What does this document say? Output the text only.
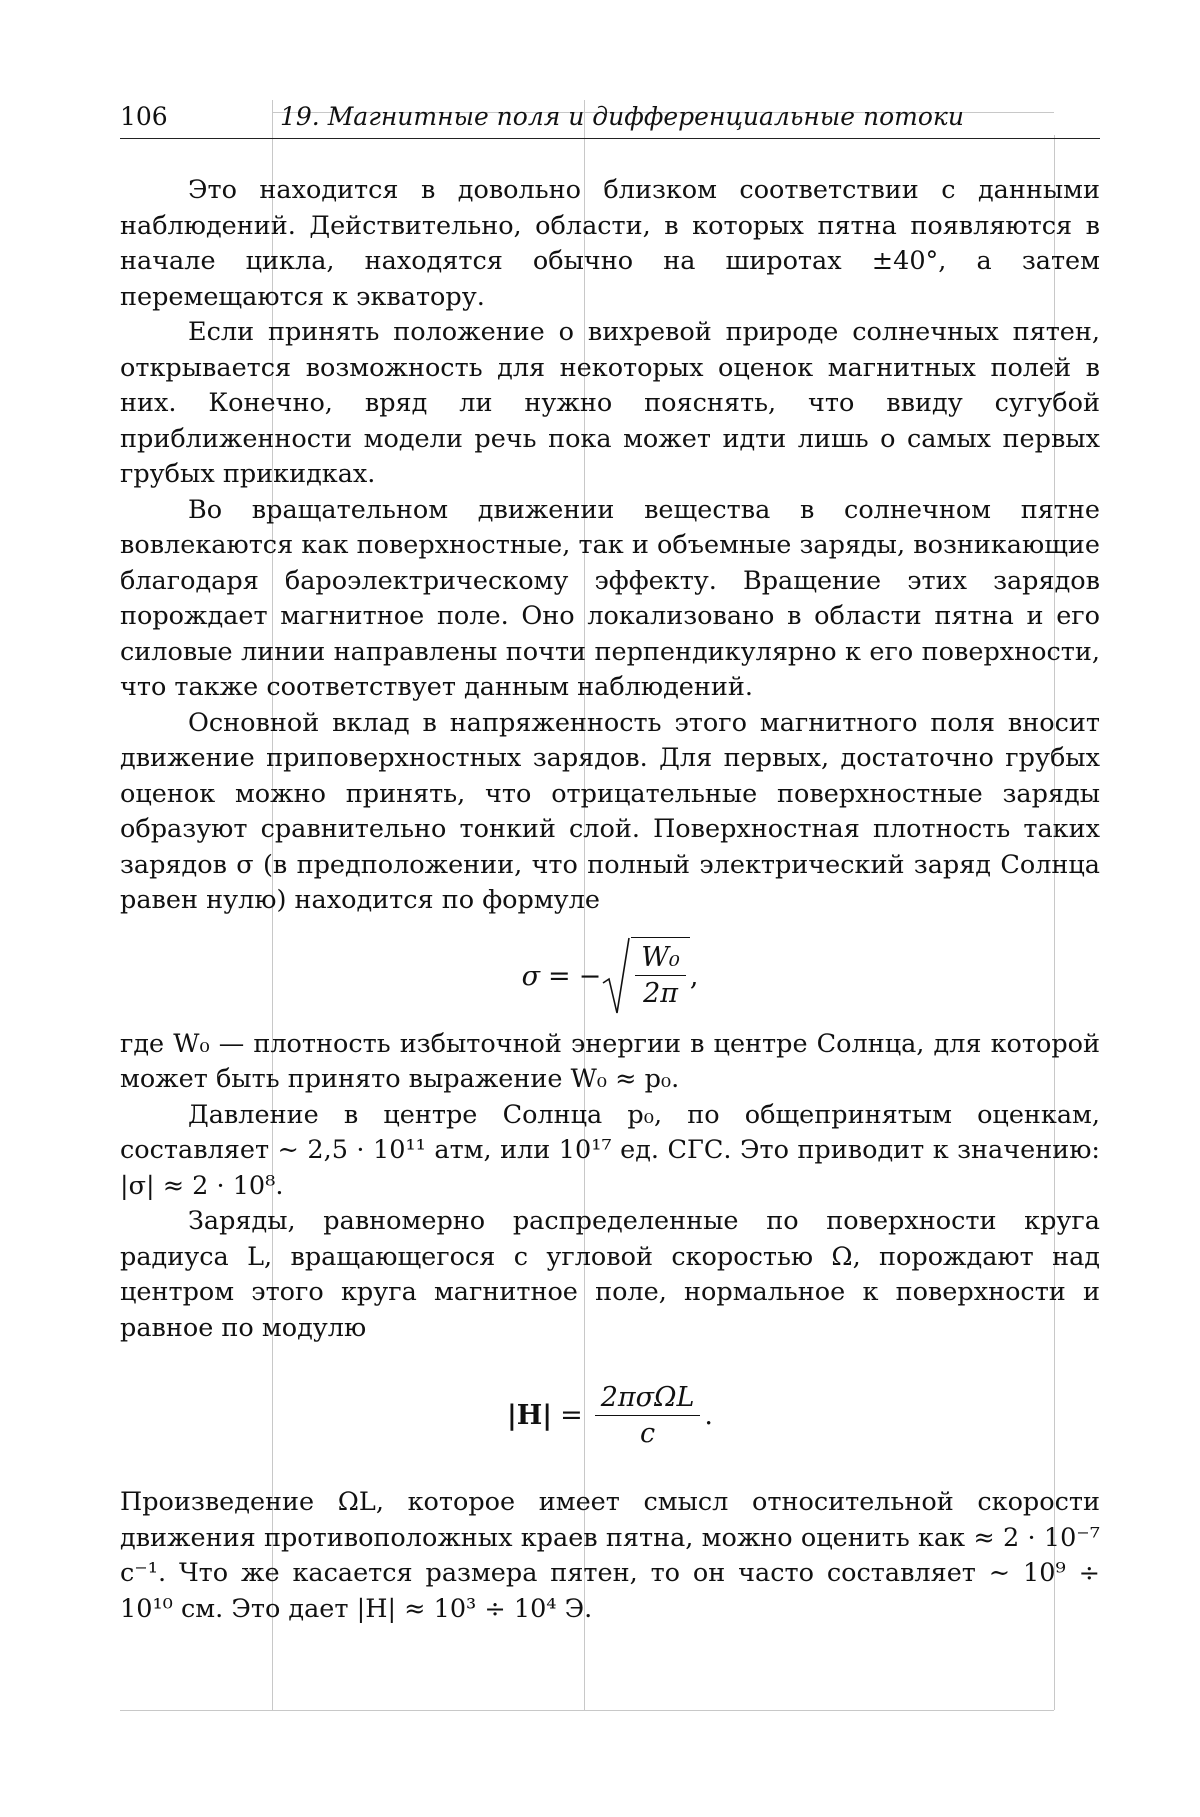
106	19. Магнитные поля и дифференциальные потоки

Это находится в довольно близком соответствии с данными наблюдений. Действительно, области, в которых пятна появляются в начале цикла, находятся обычно на широтах ±40°, а затем перемещаются к экватору.

Если принять положение о вихревой природе солнечных пятен, открывается возможность для некоторых оценок магнитных полей в них. Конечно, вряд ли нужно пояснять, что ввиду сугубой приближенности модели речь пока может идти лишь о самых первых грубых прикидках.

Во вращательном движении вещества в солнечном пятне вовлекаются как поверхностные, так и объемные заряды, возникающие благодаря бароэлектрическому эффекту. Вращение этих зарядов порождает магнитное поле. Оно локализовано в области пятна и его силовые линии направлены почти перпендикулярно к его поверхности, что также соответствует данным наблюдений.

Основной вклад в напряженность этого магнитного поля вносит движение приповерхностных зарядов. Для первых, достаточно грубых оценок можно принять, что отрицательные поверхностные заряды образуют сравнительно тонкий слой. Поверхностная плотность таких зарядов σ (в предположении, что полный электрический заряд Солнца равен нулю) находится по формуле

σ = − $\frac{\text{W₀}}{2\pi}$ ,

где W₀ — плотность избыточной энергии в центре Солнца, для которой может быть принято выражение W₀ ≈ p₀.

Давление в центре Солнца p₀, по общепринятым оценкам, составляет ∼ 2,5 · 10¹¹ атм, или 10¹⁷ ед. СГС. Это приводит к значению: |σ| ≈ 2 · 10⁸.

Заряды, равномерно распределенные по поверхности круга радиуса L, вращающегося с угловой скоростью Ω, порождают над центром этого круга магнитное поле, нормальное к поверхности и равное по модулю

$|H| = \frac{\text{2πσΩL}}{c}$ .

Произведение ΩL, которое имеет смысл относительной скорости движения противоположных краев пятна, можно оценить как ≈ 2 · 10⁻⁷ с⁻¹. Что же касается размера пятен, то он часто составляет ∼ 10⁹ ÷ 10¹⁰ см. Это дает |H| ≈ 10³ ÷ 10⁴ Э.
